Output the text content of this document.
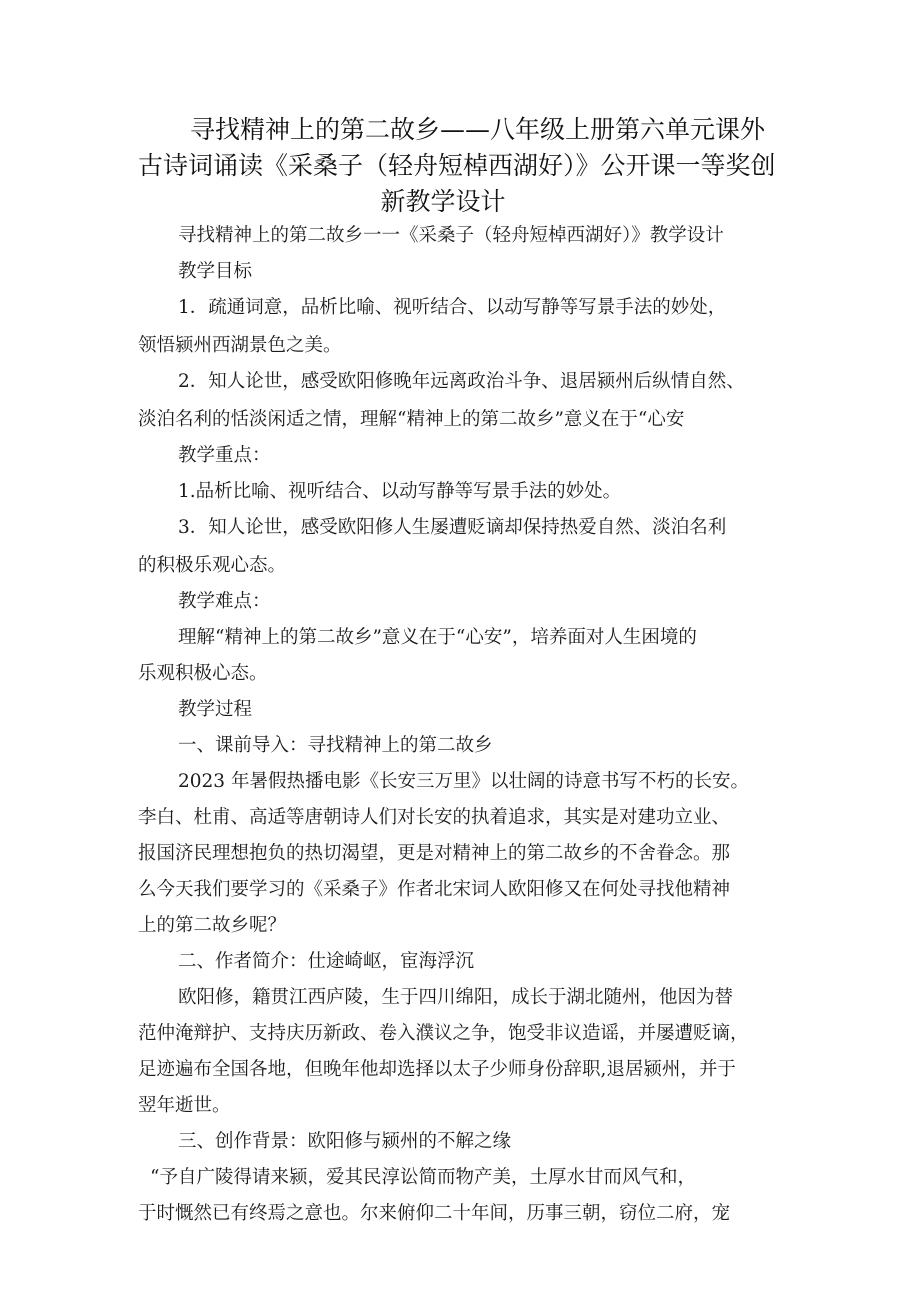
寻找精神上的第二故乡——八年级上册第六单元课外
古诗词诵读《采桑子（轻舟短棹西湖好）》公开课一等奖创
新教学设计
寻找精神上的第二故乡一一《采桑子（轻舟短棹西湖好）》教学设计
教学目标
1．疏通词意，品析比喻、视听结合、以动写静等写景手法的妙处，
领悟颍州西湖景色之美。
2．知人论世，感受欧阳修晚年远离政治斗争、退居颍州后纵情自然、
淡泊名利的恬淡闲适之情，理解“精神上的第二故乡”意义在于“心安
教学重点：
1.品析比喻、视听结合、以动写静等写景手法的妙处。
3．知人论世，感受欧阳修人生屡遭贬谪却保持热爱自然、淡泊名利
的积极乐观心态。
教学难点：
理解“精神上的第二故乡”意义在于“心安”，培养面对人生困境的
乐观积极心态。
教学过程
一、课前导入：寻找精神上的第二故乡
2023 年暑假热播电影《长安三万里》以壮阔的诗意书写不朽的长安。
李白、杜甫、高适等唐朝诗人们对长安的执着追求，其实是对建功立业、
报国济民理想抱负的热切渴望，更是对精神上的第二故乡的不舍眷念。那
么今天我们要学习的《采桑子》作者北宋词人欧阳修又在何处寻找他精神
上的第二故乡呢？
二、作者简介：仕途崎岖，宦海浮沉
欧阳修，籍贯江西庐陵，生于四川绵阳，成长于湖北随州，他因为替
范仲淹辩护、支持庆历新政、卷入濮议之争，饱受非议造谣，并屡遭贬谪，
足迹遍布全国各地，但晚年他却选择以太子少师身份辞职,退居颍州，并于
翌年逝世。
三、创作背景：欧阳修与颍州的不解之缘
“予自广陵得请来颍，爱其民淳讼简而物产美，土厚水甘而风气和，
于时慨然已有终焉之意也。尔来俯仰二十年间，历事三朝，窃位二府，宠
